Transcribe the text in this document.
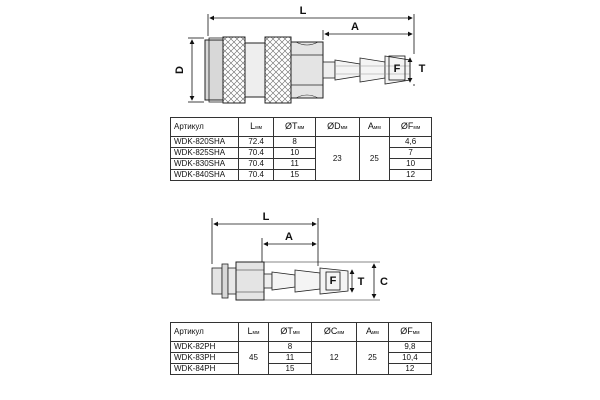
L
A
D	F T
L
A
C
F T
Артикул	Lмм	ØTмм	ØDмм	Aмм	ØFмм
WDK-820SHA	72.4	8	23	25	4,6
WDK-825SHA	70.4	10			7
WDK-830SHA	70.4	11			10
WDK-840SHA	70.4	15			12
Артикул	Lмм	ØTмм	ØCмм	Aмм	ØFмм
WDK-82PH	45	8	12	25	9,8
WDK-83PH		11			10,4
WDK-84PH		15			12
